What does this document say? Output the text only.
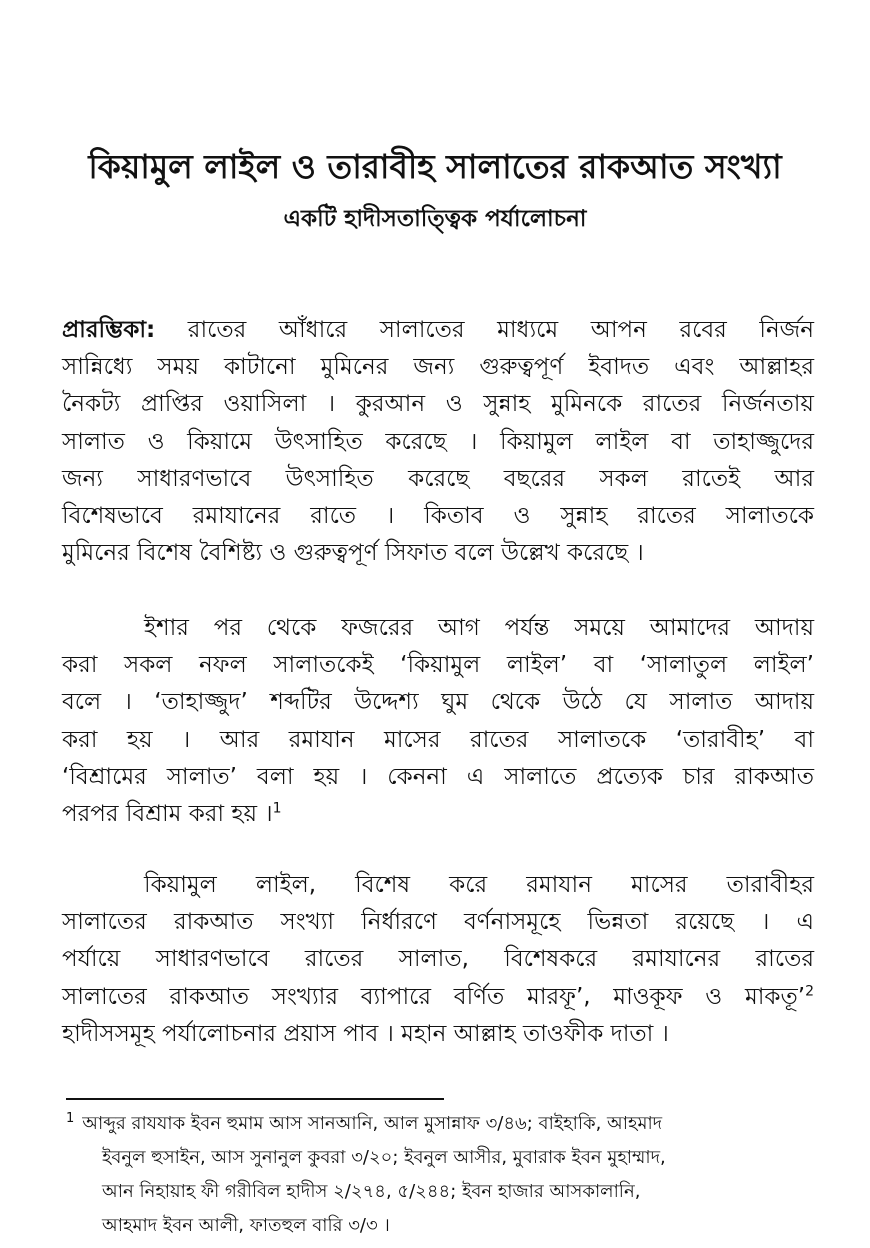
কিয়ামুল লাইল ও তারাবীহ সালাতের রাকআত সংখ্যা
একটি হাদীসতাত্ত্বিক পর্যালোচনা
প্রারম্ভিকা: রাতের আঁধারে সালাতের মাধ্যমে আপন রবের নির্জন
সান্নিধ্যে সময় কাটানো মুমিনের জন্য গুরুত্বপূর্ণ ইবাদত এবং আল্লাহর
নৈকট্য প্রাপ্তির ওয়াসিলা । কুরআন ও সুন্নাহ মুমিনকে রাতের নির্জনতায়
সালাত ও কিয়ামে উৎসাহিত করেছে । কিয়ামুল লাইল বা তাহাজ্জুদের
জন্য সাধারণভাবে উৎসাহিত করেছে বছরের সকল রাতেই আর
বিশেষভাবে রমাযানের রাতে । কিতাব ও সুন্নাহ রাতের সালাতকে
মুমিনের বিশেষ বৈশিষ্ট্য ও গুরুত্বপূর্ণ সিফাত বলে উল্লেখ করেছে ।
ইশার পর থেকে ফজরের আগ পর্যন্ত সময়ে আমাদের আদায়
করা সকল নফল সালাতকেই ‘কিয়ামুল লাইল’ বা ‘সালাতুল লাইল’
বলে । ‘তাহাজ্জুদ’ শব্দটির উদ্দেশ্য ঘুম থেকে উঠে যে সালাত আদায়
করা হয় । আর রমাযান মাসের রাতের সালাতকে ‘তারাবীহ’ বা
‘বিশ্রামের সালাত’ বলা হয় । কেননা এ সালাতে প্রত্যেক চার রাকআত
পরপর বিশ্রাম করা হয় ।$^1$
কিয়ামুল লাইল, বিশেষ করে রমাযান মাসের তারাবীহর
সালাতের রাকআত সংখ্যা নির্ধারণে বর্ণনাসমূহে ভিন্নতা রয়েছে । এ
পর্যায়ে সাধারণভাবে রাতের সালাত, বিশেষকরে রমাযানের রাতের
সালাতের রাকআত সংখ্যার ব্যাপারে বর্ণিত মারফূ’, মাওকূফ ও মাকতূ’$^2$
হাদীসসমূহ পর্যালোচনার প্রয়াস পাব । মহান আল্লাহ তাওফীক দাতা ।
$^1$ আব্দুর রাযযাক ইবন হুমাম আস সানআনি, আল মুসান্নাফ ৩/৪৬; বাইহাকি, আহমাদ
ইবনুল হুসাইন, আস সুনানুল কুবরা ৩/২০; ইবনুল আসীর, মুবারাক ইবন মুহাম্মাদ,
আন নিহায়াহ ফী গরীবিল হাদীস ২/২৭৪, ৫/২৪৪; ইবন হাজার আসকালানি,
আহমাদ ইবন আলী, ফাতহুল বারি ৩/৩ ।
